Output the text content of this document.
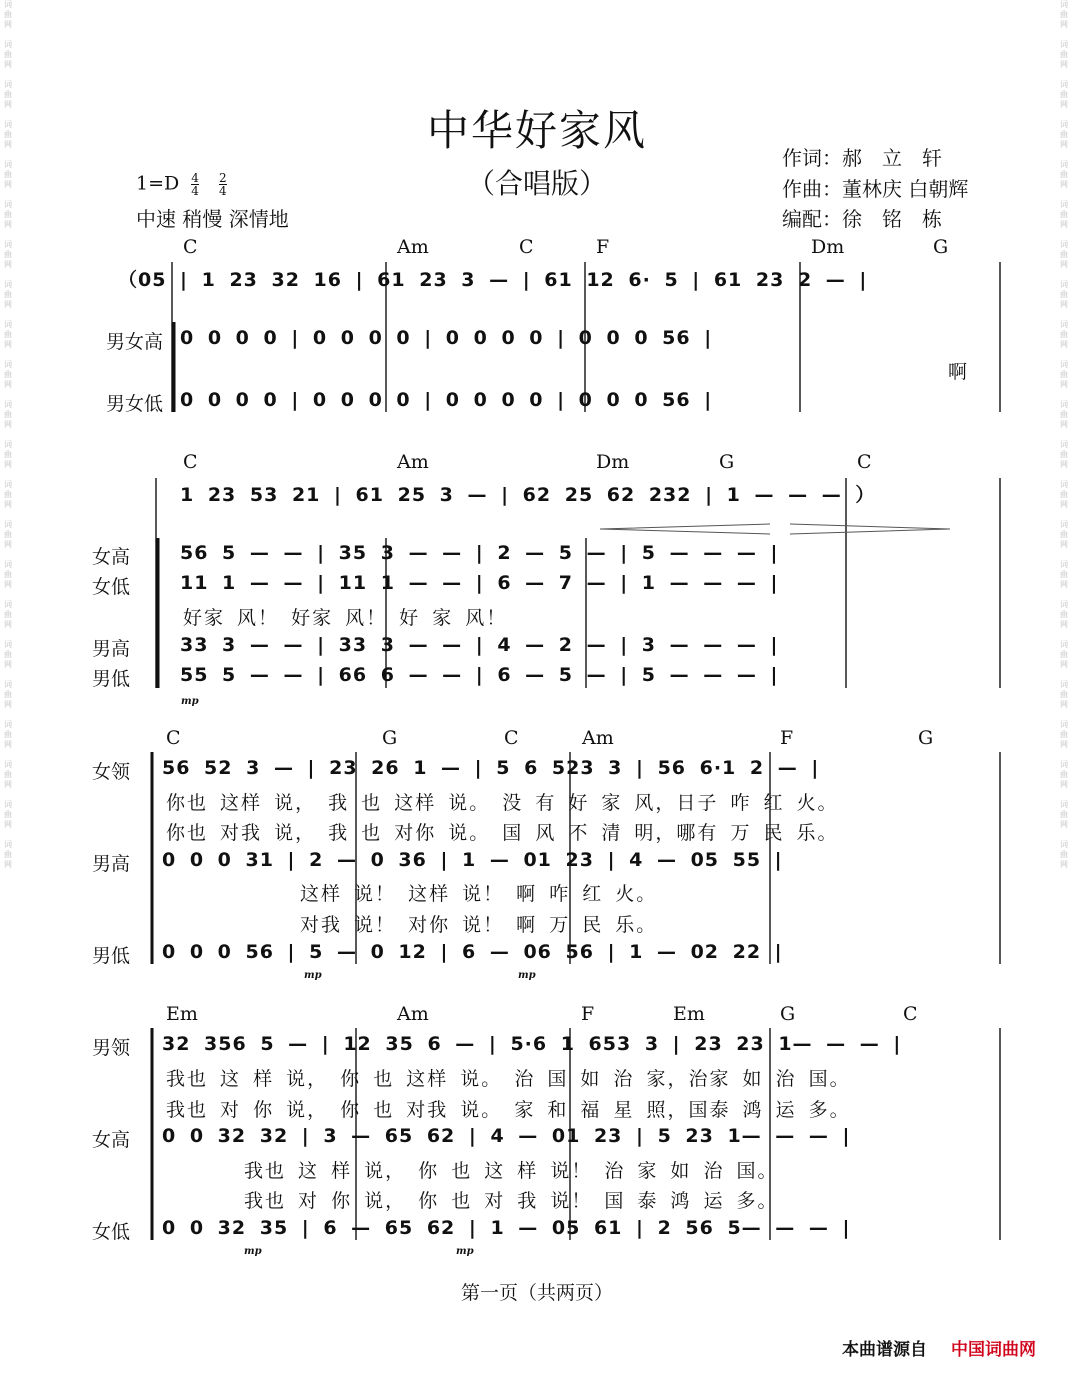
词曲网

词曲网

词曲网

词曲网

词曲网

词曲网

词曲网

词曲网

词曲网

词曲网

词曲网

词曲网

词曲网

词曲网

词曲网

词曲网

词曲网

词曲网

词曲网

词曲网

词曲网

词曲网
词曲网

词曲网

词曲网

词曲网

词曲网

词曲网

词曲网

词曲网

词曲网

词曲网

词曲网

词曲网

词曲网

词曲网

词曲网

词曲网

词曲网

词曲网

词曲网

词曲网

词曲网

词曲网
中华好家风
（合唱版）
作词：郝　立　轩
作曲：董林庆 白朝辉
编配：徐　铭　栋
$1=D \frac{4}{4}$
$\frac{2}{4}$
中速 稍慢 深情地
C	Am	C	F	Dm	G
（05 | 1 23 32 16 | 61 23 3 — | 61 12 6· 5 | 61 23 2 — |
男女高 0 0 0 0 | 0 0 0 0 | 0 0 0 0 | 0 0 0 56 |
啊
男女低 0 0 0 0 | 0 0 0 0 | 0 0 0 0 | 0 0 0 56 |
C	Am	Dm	G	C
1 23 53 21 | 61 25 3 — | 62 25 62 232 | 1 — — — ）
女高	56 5 — — | 35 3 — — | 2 — 5 — | 5 — — — |
女低	11 1 — — | 11 1 — — | 6 — 7 — | 1 — — — |
好家 风！ 好家 风！ 好 家 风！
男高	33 3 — — | 33 3 — — | 4 — 2 — | 3 — — — |
男低	55 5 — — | 66 6 — — | 6 — 5 — | 5 — — — |
mp
C	G	C	Am	F	G
女领 56 52 3 — | 23 26 1 — | 5 6 523 3 | 56 6·1 2 — |
你也 这样 说， 我 也 这样 说。 没 有 好 家 风，日子 咋 红 火。
你也 对我 说， 我 也 对你 说。 国 风 不 清 明，哪有 万 民 乐。
男高 0 0 0 31 | 2 — 0 36 | 1 — 01 23 | 4 — 05 55 |
这样 说！ 这样 说！ 啊 咋 红 火。
对我 说！ 对你 说！ 啊 万 民 乐。
男低 0 0 0 56 | 5 — 0 12 | 6 — 06 56 | 1 — 02 22 |
mp	mp
Em	Am	F	Em	G	C
男领 32 356 5 — | 12 35 6 — | 5·6 1 653 3 | 23 23 1— — — |
我也 这 样 说， 你 也 这样 说。 治 国 如 治 家，治家 如 治 国。
我也 对 你 说， 你 也 对我 说。 家 和 福 星 照，国泰 鸿 运 多。
女高 0 0 32 32 | 3 — 65 62 | 4 — 01 23 | 5 23 1— — — |
我也 这 样 说， 你 也 这 样 说！ 治 家 如 治 国。
我也 对 你 说， 你 也 对 我 说！ 国 泰 鸿 运 多。
女低 0 0 32 35 | 6 — 65 62 | 1 — 05 61 | 2 56 5— — — |
mp	mp
第一页（共两页）
本曲谱源自 中国词曲网
